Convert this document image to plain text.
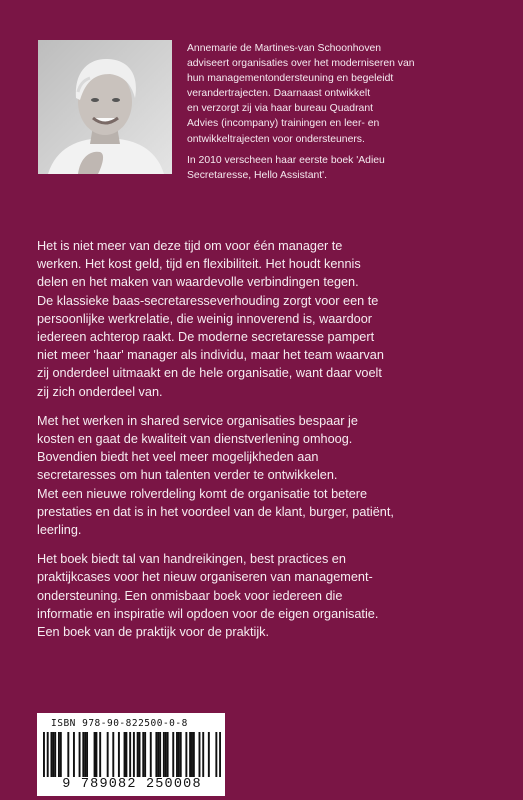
Annemarie de Martines-van Schoonhoven
adviseert organisaties over het moderniseren van
hun managementondersteuning en begeleidt
verandertrajecten. Daarnaast ontwikkelt
en verzorgt zij via haar bureau Quadrant
Advies (incompany) trainingen en leer- en
ontwikkeltrajecten voor ondersteuners.

In 2010 verscheen haar eerste boek 'Adieu
Secretaresse, Hello Assistant'.

Het is niet meer van deze tijd om voor één manager te
werken. Het kost geld, tijd en flexibiliteit. Het houdt kennis
delen en het maken van waardevolle verbindingen tegen.
De klassieke baas-secretaresseverhouding zorgt voor een te
persoonlijke werkrelatie, die weinig innoverend is, waardoor
iedereen achterop raakt. De moderne secretaresse pampert
niet meer 'haar' manager als individu, maar het team waarvan
zij onderdeel uitmaakt en de hele organisatie, want daar voelt
zij zich onderdeel van.

Met het werken in shared service organisaties bespaar je
kosten en gaat de kwaliteit van dienstverlening omhoog.
Bovendien biedt het veel meer mogelijkheden aan
secretaresses om hun talenten verder te ontwikkelen.
Met een nieuwe rolverdeling komt de organisatie tot betere
prestaties en dat is in het voordeel van de klant, burger, patiënt,
leerling.

Het boek biedt tal van handreikingen, best practices en
praktijkcases voor het nieuw organiseren van management-
ondersteuning. Een onmisbaar boek voor iedereen die
informatie en inspiratie wil opdoen voor de eigen organisatie.
Een boek van de praktijk voor de praktijk.

ISBN 978-90-822500-0-8
9 789082 250008
